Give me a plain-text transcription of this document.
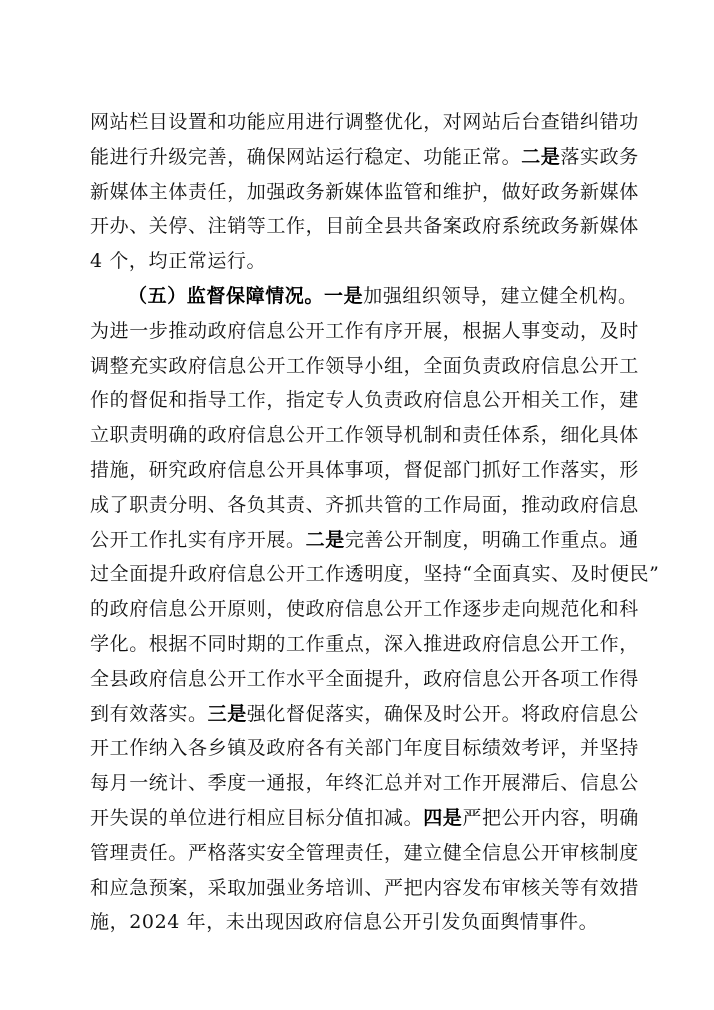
网站栏目设置和功能应用进行调整优化，对网站后台查错纠错功
能进行升级完善，确保网站运行稳定、功能正常。二是落实政务
新媒体主体责任，加强政务新媒体监管和维护，做好政务新媒体
开办、关停、注销等工作，目前全县共备案政府系统政务新媒体
4 个，均正常运行。
（五）监督保障情况。一是加强组织领导，建立健全机构。
为进一步推动政府信息公开工作有序开展，根据人事变动，及时
调整充实政府信息公开工作领导小组，全面负责政府信息公开工
作的督促和指导工作，指定专人负责政府信息公开相关工作，建
立职责明确的政府信息公开工作领导机制和责任体系，细化具体
措施，研究政府信息公开具体事项，督促部门抓好工作落实，形
成了职责分明、各负其责、齐抓共管的工作局面，推动政府信息
公开工作扎实有序开展。二是完善公开制度，明确工作重点。通
过全面提升政府信息公开工作透明度，坚持“全面真实、及时便民”
的政府信息公开原则，使政府信息公开工作逐步走向规范化和科
学化。根据不同时期的工作重点，深入推进政府信息公开工作，
全县政府信息公开工作水平全面提升，政府信息公开各项工作得
到有效落实。三是强化督促落实，确保及时公开。将政府信息公
开工作纳入各乡镇及政府各有关部门年度目标绩效考评，并坚持
每月一统计、季度一通报，年终汇总并对工作开展滞后、信息公
开失误的单位进行相应目标分值扣减。四是严把公开内容，明确
管理责任。严格落实安全管理责任，建立健全信息公开审核制度
和应急预案，采取加强业务培训、严把内容发布审核关等有效措
施，2024 年，未出现因政府信息公开引发负面舆情事件。
